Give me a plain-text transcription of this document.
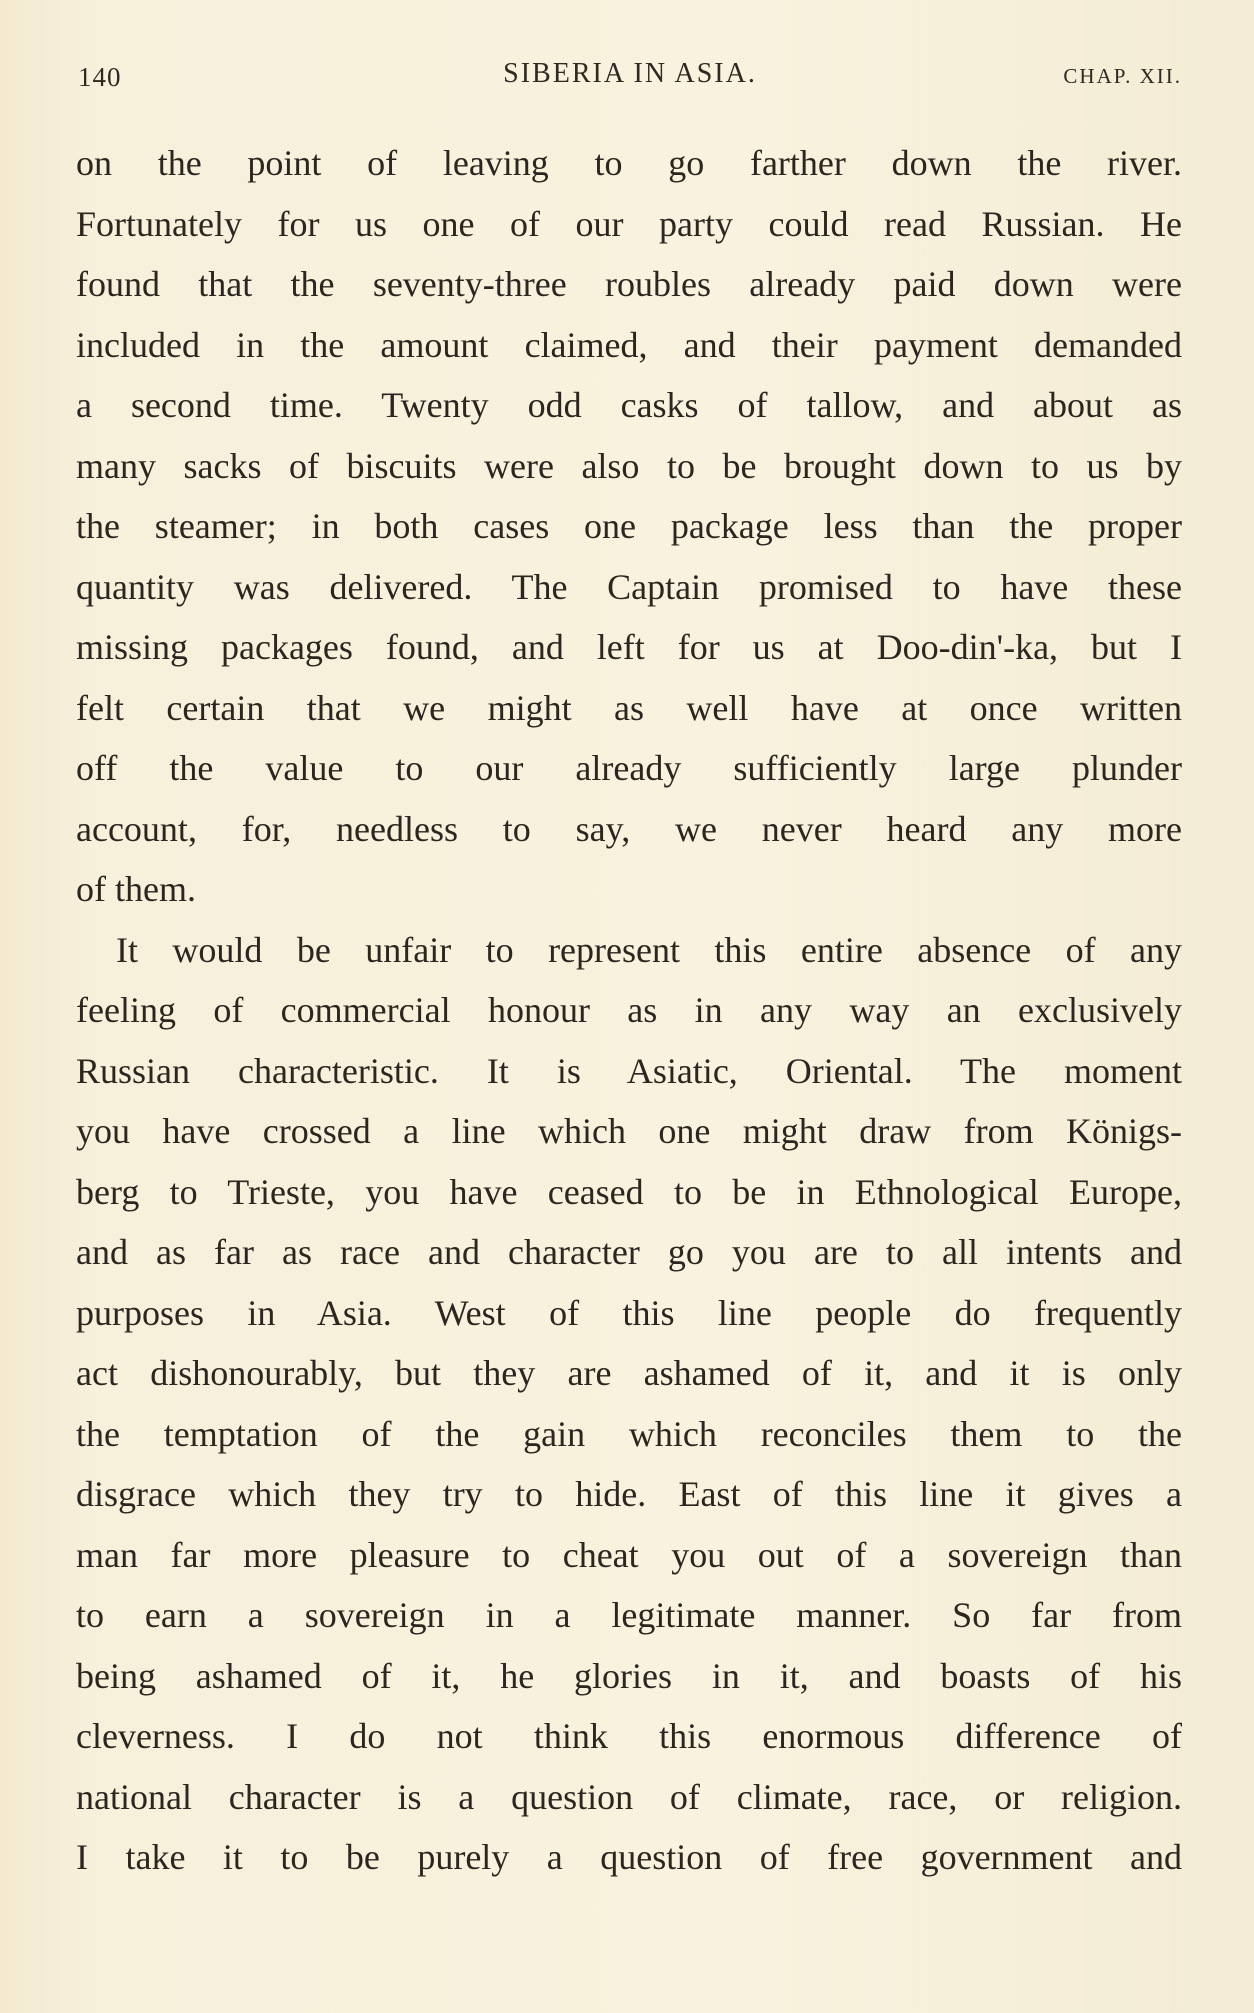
140	SIBERIA IN ASIA.	CHAP. XII.
on the point of leaving to go farther down the river.
Fortunately for us one of our party could read Russian. He
found that the seventy-three roubles already paid down were
included in the amount claimed, and their payment demanded
a second time. Twenty odd casks of tallow, and about as
many sacks of biscuits were also to be brought down to us by
the steamer; in both cases one package less than the proper
quantity was delivered. The Captain promised to have these
missing packages found, and left for us at Doo-din'-ka, but I
felt certain that we might as well have at once written
off the value to our already sufficiently large plunder
account, for, needless to say, we never heard any more
of them.
It would be unfair to represent this entire absence of any
feeling of commercial honour as in any way an exclusively
Russian characteristic. It is Asiatic, Oriental. The moment
you have crossed a line which one might draw from Königs-
berg to Trieste, you have ceased to be in Ethnological Europe,
and as far as race and character go you are to all intents and
purposes in Asia. West of this line people do frequently
act dishonourably, but they are ashamed of it, and it is only
the temptation of the gain which reconciles them to the
disgrace which they try to hide. East of this line it gives a
man far more pleasure to cheat you out of a sovereign than
to earn a sovereign in a legitimate manner. So far from
being ashamed of it, he glories in it, and boasts of his
cleverness. I do not think this enormous difference of
national character is a question of climate, race, or religion.
I take it to be purely a question of free government and
